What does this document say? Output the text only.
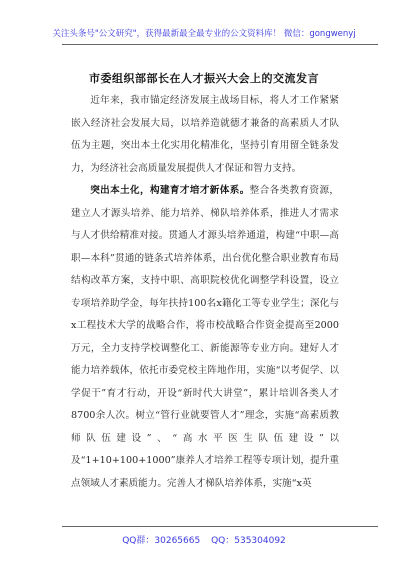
关注头条号"公文研究"，获得最新最全最专业的公文资料库！ 微信：gongwenyj
市委组织部部长在人才振兴大会上的交流发言

近年来，我市锚定经济发展主战场目标，将人才工作紧紧嵌入经济社会发展大局，以培养造就德才兼备的高素质人才队伍为主题，突出本土化实用化精准化，坚持引育用留全链条发力，为经济社会高质量发展提供人才保证和智力支持。

突出本土化，构建育才培才新体系。整合各类教育资源，建立人才源头培养、能力培养、梯队培养体系，推进人才需求与人才供给精准对接。贯通人才源头培养通道，构建“中职—高职—本科”贯通的链条式培养体系，出台优化整合职业教育布局结构改革方案，支持中职、高职院校优化调整学科设置，设立专项培养助学金，每年扶持100名x籍化工等专业学生；深化与x工程技术大学的战略合作，将市校战略合作资金提高至2000万元，全力支持学校调整化工、新能源等专业方向。建好人才能力培养载体，依托市委党校主阵地作用，实施“以考促学、以学促干”育才行动，开设“新时代大讲堂”，累计培训各类人才8700余人次。树立“管行业就要管人才”理念，实施“高素质教师队伍建设”、“高水平医生队伍建设”以及“1+10+100+1000”康养人才培养工程等专项计划，提升重点领域人才素质能力。完善人才梯队培养体系，实施“x英

QQ群：30265665 QQ：535304092
